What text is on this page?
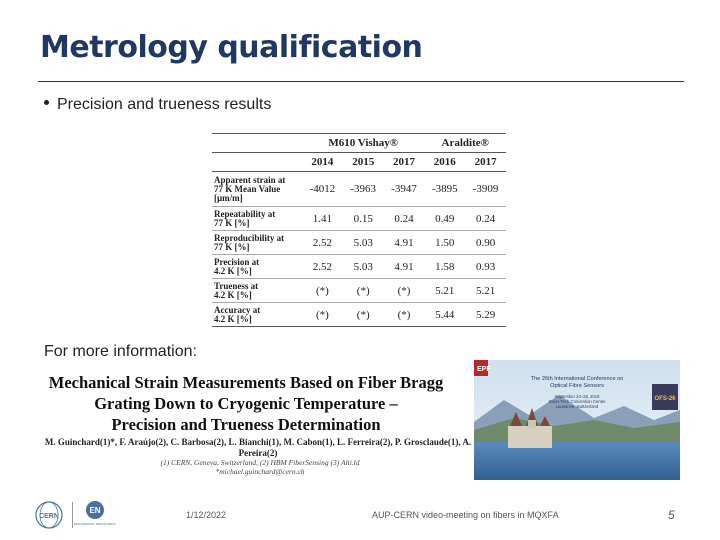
Metrology qualification
Precision and trueness results
	M610 Vishay®			Araldite®	
	2014	2015	2017	2016	2017
Apparent strain at
77 K Mean Value
[µm/m]	-4012	-3963	-3947	-3895	-3909
Repeatability at
77 K [%]	1.41	0.15	0.24	0.49	0.24
Reproducibility at
77 K [%]	2.52	5.03	4.91	1.50	0.90
Precision at
4.2 K [%]	2.52	5.03	4.91	1.58	0.93
Trueness at
4.2 K [%]	(*)	(*)	(*)	5.21	5.21
Accuracy at
4.2 K [%]	(*)	(*)	(*)	5.44	5.29
For more information:
Mechanical Strain Measurements Based on Fiber Bragg
Grating Down to Cryogenic Temperature –
Precision and Trueness Determination
M. Guinchard(1)*, F. Araújo(2), C. Barbosa(2), L. Bianchi(1), M. Cabon(1), L. Ferreira(2), P. Grosclaude(1), A. Pereira(2)
(1) CERN, Geneva, Switzerland, (2) HBM FiberSensing (3) Alti.ld
*michael.guinchard@cern.ch
EPF
The 26th International Conference on Optical Fibre Sensors
September 24–28, 2018 Swiss Tech Convention Center Lausanne, Switzerland
OFS-26
CERN
EN
ENGINEERING DEPARTMENT
1/12/2022	AUP-CERN video-meeting on fibers in MQXFA	5
